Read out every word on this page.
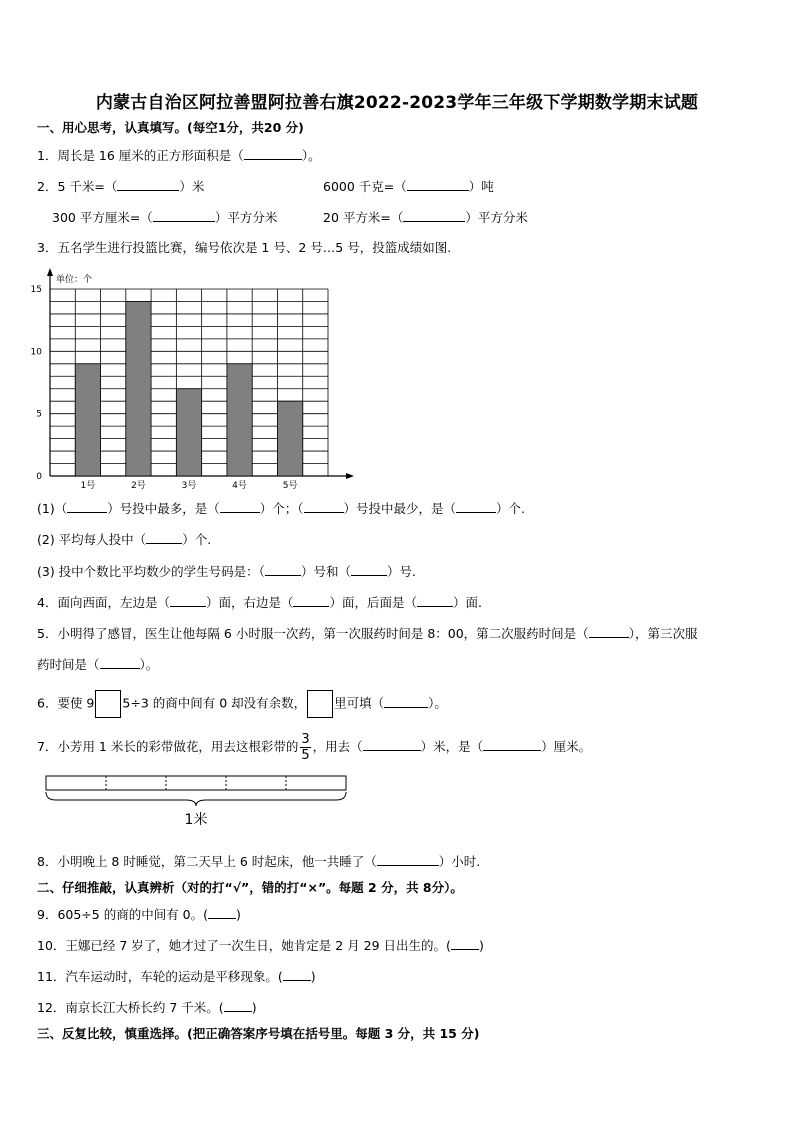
内蒙古自治区阿拉善盟阿拉善右旗2022-2023学年三年级下学期数学期末试题
一、用心思考，认真填写。(每空1分，共20 分)
1．周长是 16 厘米的正方形面积是（	）。
2．5 千米=（	）米	6000 千克=（	）吨
300 平方厘米=（	）平方分米	20 平方米=（	）平方分米
3．五名学生进行投篮比赛，编号依次是 1 号、2 号…5 号，投篮成绩如图.
单位：个
0
5
10
15
1号	2号	3号	4号	5号
(1)（	）号投中最多，是（	）个；（	）号投中最少，是（	）个.
(2) 平均每人投中（	）个.
(3) 投中个数比平均数少的学生号码是：（	）号和（	）号.
4．面向西面，左边是（	）面，右边是（	）面，后面是（	）面.
5．小明得了感冒，医生让他每隔 6 小时服一次药，第一次服药时间是 8：00，第二次服药时间是（	），第三次服
药时间是（	）。
6．要使 9 5÷3 的商中间有 0 却没有余数， 里可填（	）。
7．小芳用 1 米长的彩带做花，用去这根彩带的 $\frac{3}{5}$ ，用去（	）米，是（	）厘米。
1米
8．小明晚上 8 时睡觉，第二天早上 6 时起床，他一共睡了（	）小时.
二、仔细推敲，认真辨析（对的打“√”，错的打“×”。每题 2 分，共 8分）。
9．605÷5 的商的中间有 0。( )
10．王娜已经 7 岁了，她才过了一次生日，她肯定是 2 月 29 日出生的。( )
11．汽车运动时，车轮的运动是平移现象。( )
12．南京长江大桥长约 7 千米。( )
三、反复比较，慎重选择。(把正确答案序号填在括号里。每题 3 分，共 15 分)
